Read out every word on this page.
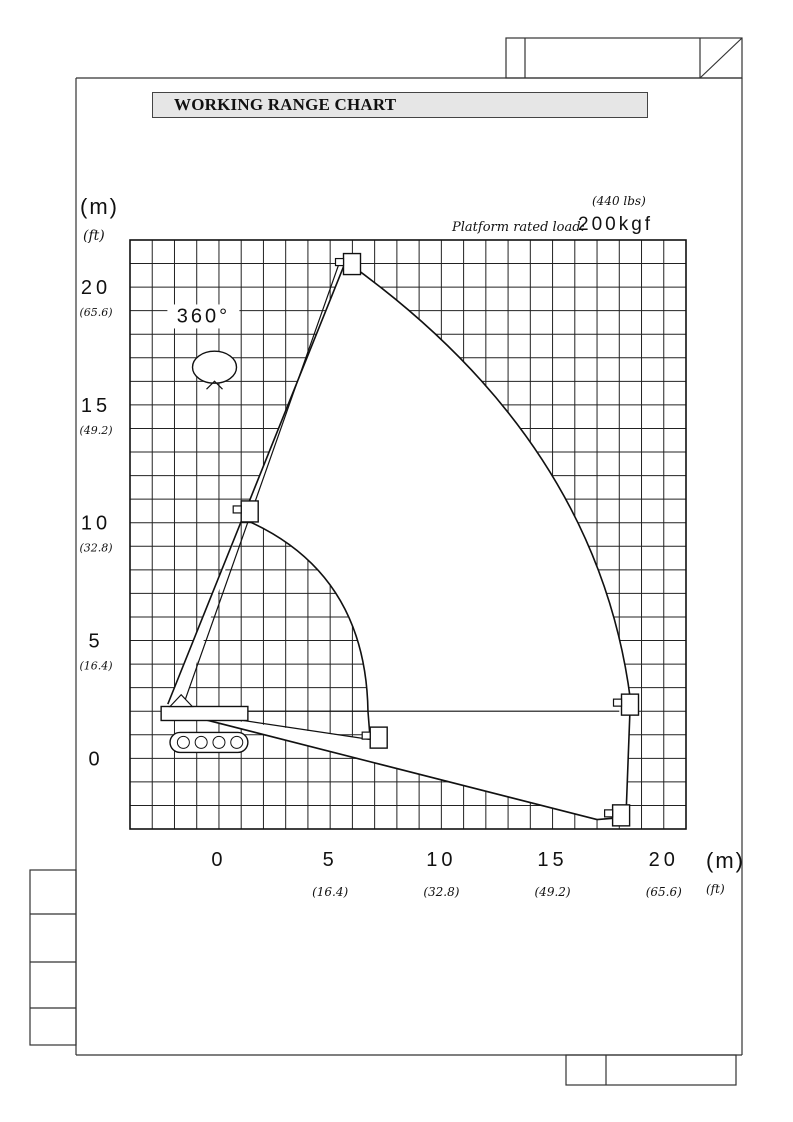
WORKING RANGE CHART
(440 lbs)
Platform rated load:
200kgf
(m)
(ft)
(m)
(ft)
360°
20
(65.6)
15
(49.2)
10
(32.8)
5
(16.4)
0
0	5
(16.4)
10
(32.8)
15
(49.2)
20
(65.6)
